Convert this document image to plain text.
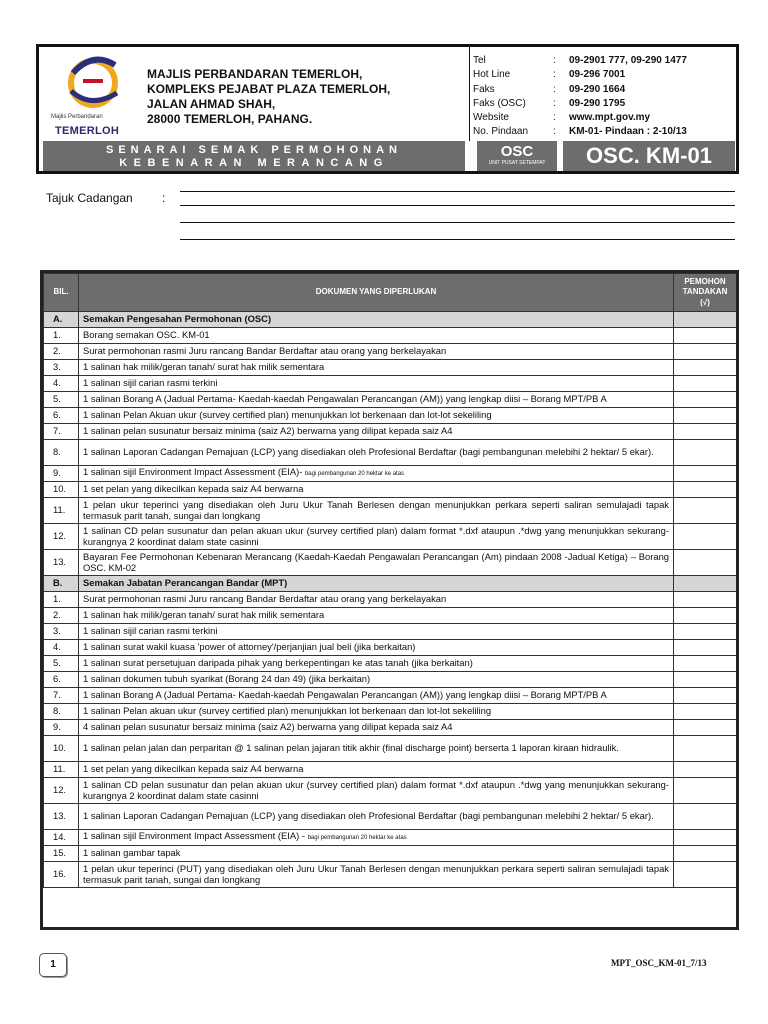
Majlis Perbandaran
TEMERLOH
MAJLIS PERBANDARAN TEMERLOH,
KOMPLEKS PEJABAT PLAZA TEMERLOH,
JALAN AHMAD SHAH,
28000 TEMERLOH, PAHANG.
Tel	:	09-2901 777, 09-290 1477
Hot Line	:	09-296 7001
Faks	:	09-290 1664
Faks (OSC)	:	09-290 1795
Website	:	www.mpt.gov.my
No. Pindaan	:	KM-01- Pindaan : 2-10/13
SENARAI SEMAK PERMOHONAN
KEBENARAN MERANCANG
OSC
UNIT PUSAT SETEMPAT	OSC. KM-01
Tajuk Cadangan :
BIL.	DOKUMEN YANG DIPERLUKAN	PEMOHON TANDAKAN (√)
A.	Semakan Pengesahan Permohonan (OSC)	
1.	Borang semakan OSC. KM-01	
2.	Surat permohonan rasmi Juru rancang Bandar Berdaftar atau orang yang berkelayakan	
3.	1 salinan hak milik/geran tanah/ surat hak milik sementara	
4.	1 salinan sijil carian rasmi terkini	
5.	1 salinan Borang A (Jadual Pertama- Kaedah-kaedah Pengawalan Perancangan (AM)) yang lengkap diisi – Borang MPT/PB A	
6.	1 salinan Pelan Akuan ukur (survey certified plan) menunjukkan lot berkenaan dan lot-lot sekeliling	
7.	1 salinan pelan susunatur bersaiz minima (saiz A2) berwarna yang dilipat kepada saiz A4	
8.	1 salinan Laporan Cadangan Pemajuan (LCP) yang disediakan oleh Profesional Berdaftar (bagi pembangunan melebihi 2 hektar/ 5 ekar).	
9.	1 salinan sijil Environment Impact Assessment (EIA)- bagi pembangunan 20 hektar ke atas	
10.	1 set pelan yang dikecilkan kepada saiz A4 berwarna	
11.	1 pelan ukur teperinci yang disediakan oleh Juru Ukur Tanah Berlesen dengan menunjukkan perkara seperti saliran semulajadi tapak termasuk parit tanah, sungai dan longkang	
12.	1 salinan CD pelan susunatur dan pelan akuan ukur (survey certified plan) dalam format *.dxf ataupun .*dwg yang menunjukkan sekurang-kurangnya 2 koordinat dalam state casinni	
13.	Bayaran Fee Permohonan Kebenaran Merancang (Kaedah-Kaedah Pengawalan Perancangan (Am) pindaan 2008 -Jadual Ketiga) – Borang OSC. KM-02	
B.	Semakan Jabatan Perancangan Bandar (MPT)	
1.	Surat permohonan rasmi Juru rancang Bandar Berdaftar atau orang yang berkelayakan	
2.	1 salinan hak milik/geran tanah/ surat hak milik sementara	
3.	1 salinan sijil carian rasmi terkini	
4.	1 salinan surat wakil kuasa 'power of attorney'/perjanjian jual beli (jika berkaitan)	
5.	1 salinan surat persetujuan daripada pihak yang berkepentingan ke atas tanah (jika berkaitan)	
6.	1 salinan dokumen tubuh syarikat (Borang 24 dan 49) (jika berkaitan)	
7.	1 salinan Borang A (Jadual Pertama- Kaedah-kaedah Pengawalan Perancangan (AM)) yang lengkap diisi – Borang MPT/PB A	
8.	1 salinan Pelan akuan ukur (survey certified plan) menunjukkan lot berkenaan dan lot-lot sekeliling	
9.	4 salinan pelan susunatur bersaiz minima (saiz A2) berwarna yang dilipat kepada saiz A4	
10.	1 salinan pelan jalan dan perparitan @ 1 salinan pelan jajaran titik akhir (final discharge point) berserta 1 laporan kiraan hidraulik.	
11.	1 set pelan yang dikecilkan kepada saiz A4 berwarna	
12.	1 salinan CD pelan susunatur dan pelan akuan ukur (survey certified plan) dalam format *.dxf ataupun .*dwg yang menunjukkan sekurang-kurangnya 2 koordinat dalam state casinni	
13.	1 salinan Laporan Cadangan Pemajuan (LCP) yang disediakan oleh Profesional Berdaftar (bagi pembangunan melebihi 2 hektar/ 5 ekar).	
14.	1 salinan sijil Environment Impact Assessment (EIA) - bagi pembangunan 20 hektar ke atas	
15.	1 salinan gambar tapak	
16.	1 pelan ukur teperinci (PUT) yang disediakan oleh Juru Ukur Tanah Berlesen dengan menunjukkan perkara seperti saliran semulajadi tapak termasuk parit tanah, sungai dan longkang	
1	MPT_OSC_KM-01_7/13
